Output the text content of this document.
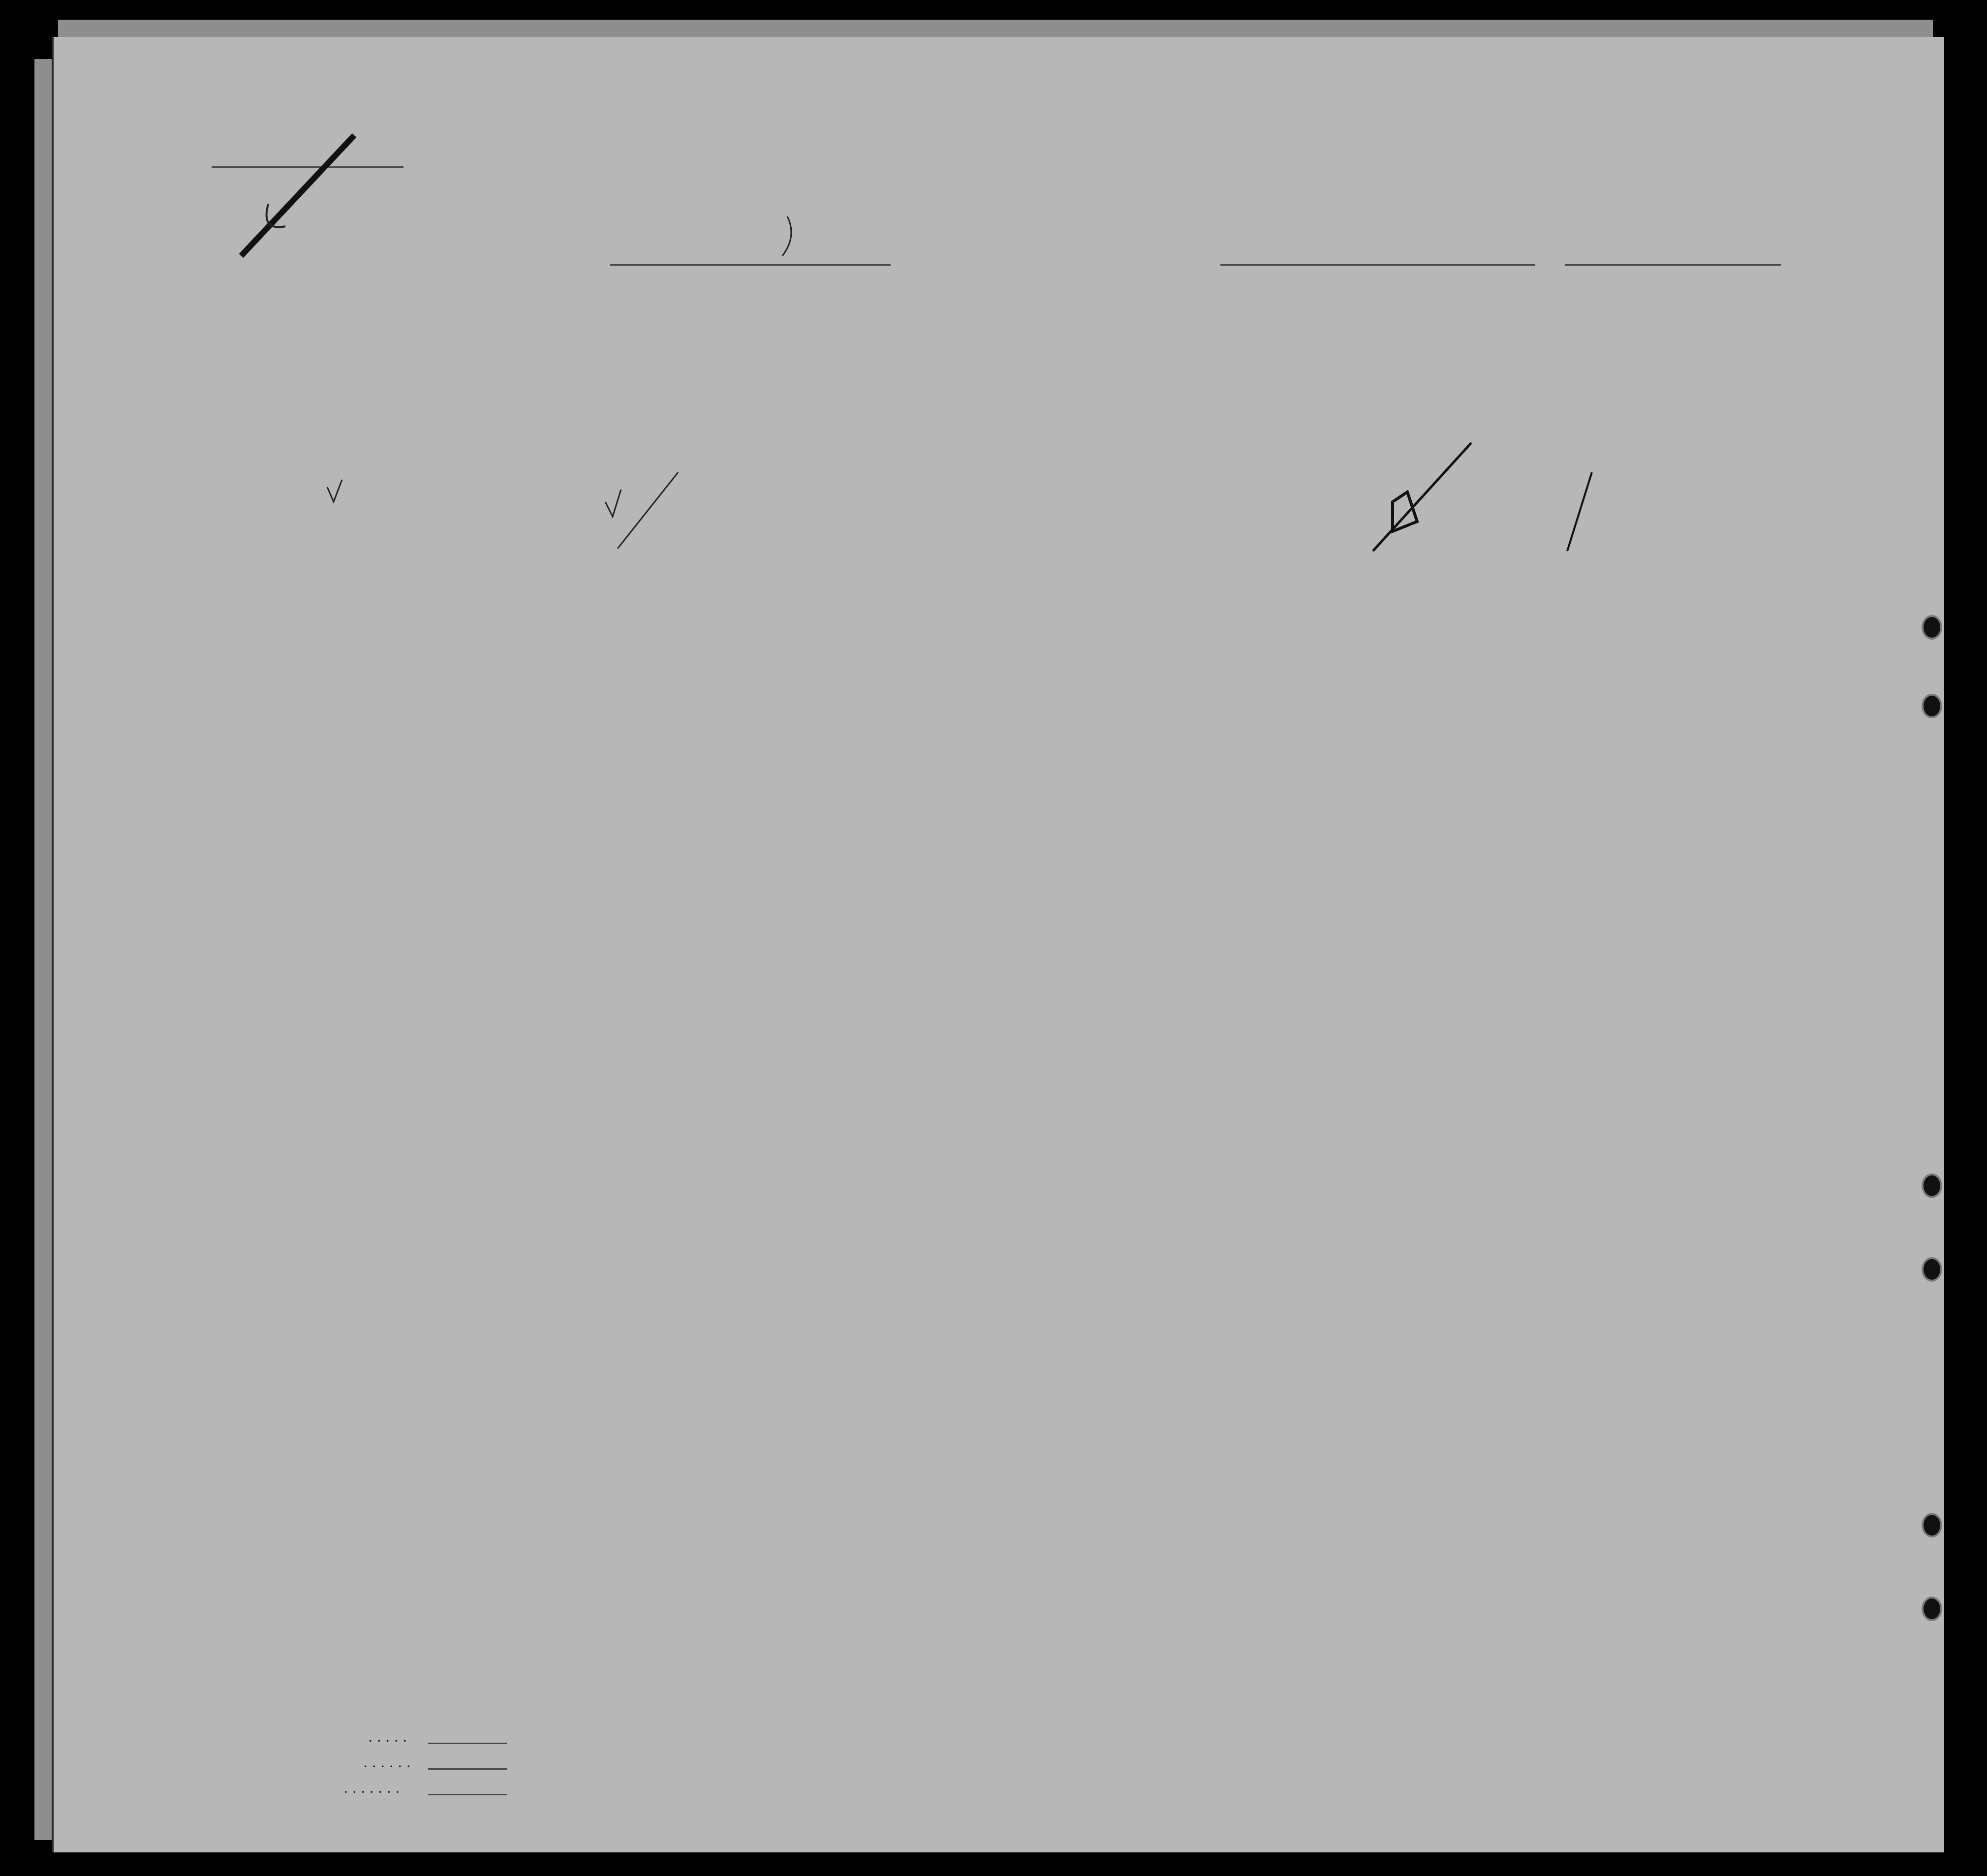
.....
......
.......
